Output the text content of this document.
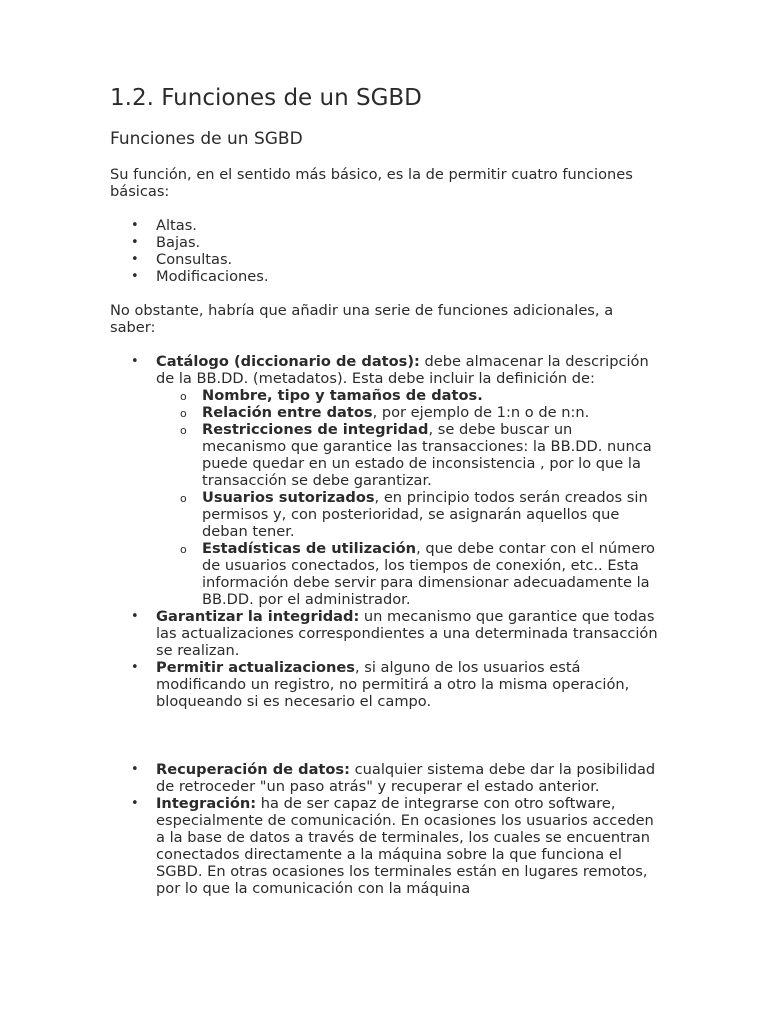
1.2. Funciones de un SGBD
Funciones de un SGBD

Su función, en el sentido más básico, es la de permitir cuatro funciones básicas:

• Altas.
• Bajas.
• Consultas.
• Modificaciones.

No obstante, habría que añadir una serie de funciones adicionales, a saber:

• Catálogo (diccionario de datos): debe almacenar la descripción de la BB.DD. (metadatos). Esta debe incluir la definición de:
o Nombre, tipo y tamaños de datos.
o Relación entre datos, por ejemplo de 1:n o de n:n.
o Restricciones de integridad, se debe buscar un mecanismo que garantice las transacciones: la BB.DD. nunca puede quedar en un estado de inconsistencia , por lo que la transacción se debe garantizar.
o Usuarios sutorizados, en principio todos serán creados sin permisos y, con posterioridad, se asignarán aquellos que deban tener.
o Estadísticas de utilización, que debe contar con el número de usuarios conectados, los tiempos de conexión, etc.. Esta información debe servir para dimensionar adecuadamente la BB.DD. por el administrador.
• Garantizar la integridad: un mecanismo que garantice que todas las actualizaciones correspondientes a una determinada transacción se realizan.
• Permitir actualizaciones, si alguno de los usuarios está modificando un registro, no permitirá a otro la misma operación, bloqueando si es necesario el campo.
• Recuperación de datos: cualquier sistema debe dar la posibilidad de retroceder "un paso atrás" y recuperar el estado anterior.
• Integración: ha de ser capaz de integrarse con otro software, especialmente de comunicación. En ocasiones los usuarios acceden a la base de datos a través de terminales, los cuales se encuentran conectados directamente a la máquina sobre la que funciona el SGBD. En otras ocasiones los terminales están en lugares remotos, por lo que la comunicación con la máquina
